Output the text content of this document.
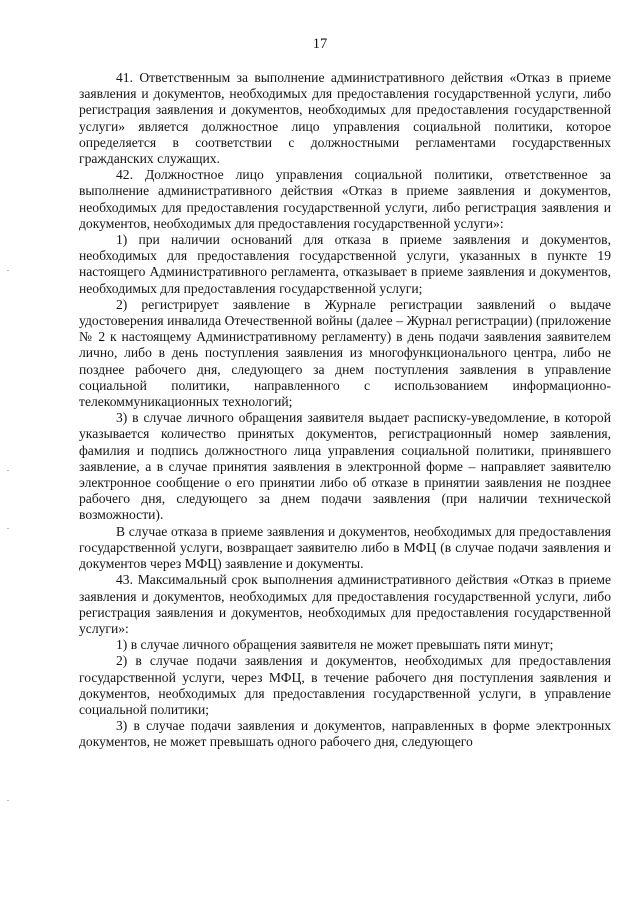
17

41. Ответственным за выполнение административного действия «Отказ в приеме заявления и документов, необходимых для предоставления государственной услуги, либо регистрация заявления и документов, необходимых для предоставления государственной услуги» является должностное лицо управления социальной политики, которое определяется в соответствии с должностными регламентами государственных гражданских служащих.

42. Должностное лицо управления социальной политики, ответственное за выполнение административного действия «Отказ в приеме заявления и документов, необходимых для предоставления государственной услуги, либо регистрация заявления и документов, необходимых для предоставления государственной услуги»:

1) при наличии оснований для отказа в приеме заявления и документов, необходимых для предоставления государственной услуги, указанных в пункте 19 настоящего Административного регламента, отказывает в приеме заявления и документов, необходимых для предоставления государственной услуги;

2) регистрирует заявление в Журнале регистрации заявлений о выдаче удостоверения инвалида Отечественной войны (далее – Журнал регистрации) (приложение № 2 к настоящему Административному регламенту) в день подачи заявления заявителем лично, либо в день поступления заявления из многофункционального центра, либо не позднее рабочего дня, следующего за днем поступления заявления в управление социальной политики, направленного с использованием информационно-телекоммуникационных технологий;

3) в случае личного обращения заявителя выдает расписку-уведомление, в которой указывается количество принятых документов, регистрационный номер заявления, фамилия и подпись должностного лица управления социальной политики, принявшего заявление, а в случае принятия заявления в электронной форме – направляет заявителю электронное сообщение о его принятии либо об отказе в принятии заявления не позднее рабочего дня, следующего за днем подачи заявления (при наличии технической возможности).

В случае отказа в приеме заявления и документов, необходимых для предоставления государственной услуги, возвращает заявителю либо в МФЦ (в случае подачи заявления и документов через МФЦ) заявление и документы.

43. Максимальный срок выполнения административного действия «Отказ в приеме заявления и документов, необходимых для предоставления государственной услуги, либо регистрация заявления и документов, необходимых для предоставления государственной услуги»:

1) в случае личного обращения заявителя не может превышать пяти минут;

2) в случае подачи заявления и документов, необходимых для предоставления государственной услуги, через МФЦ, в течение рабочего дня поступления заявления и документов, необходимых для предоставления государственной услуги, в управление социальной политики;

3) в случае подачи заявления и документов, направленных в форме электронных документов, не может превышать одного рабочего дня, следующего
